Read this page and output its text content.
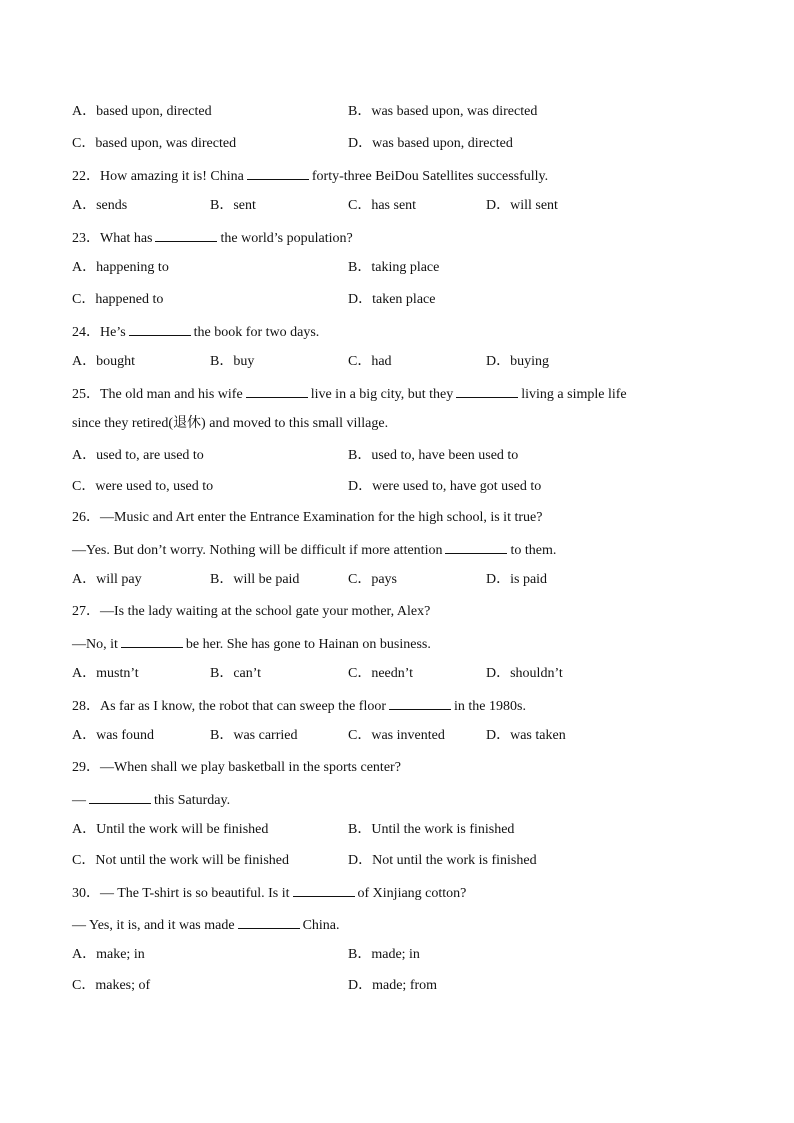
A．based upon, directed	B．was based upon, was directed
C．based upon, was directed	D．was based upon, directed
22．How amazing it is! China	forty-three BeiDou Satellites successfully.
A．sends	B．sent	C．has sent	D．will sent
23．What has	the world’s population?
A．happening to	B．taking place
C．happened to	D．taken place
24．He’s	the book for two days.
A．bought	B．buy	C．had	D．buying
25．The old man and his wife	live in a big city, but they	living a simple life
since they retired(退休) and moved to this small village.
A．used to, are used to	B．used to, have been used to
C．were used to, used to	D．were used to, have got used to
26．—Music and Art enter the Entrance Examination for the high school, is it true?
—Yes. But don’t worry. Nothing will be difficult if more attention	to them.
A．will pay	B．will be paid	C．pays	D．is paid
27．—Is the lady waiting at the school gate your mother, Alex?
—No, it	be her. She has gone to Hainan on business.
A．mustn’t	B．can’t	C．needn’t	D．shouldn’t
28．As far as I know, the robot that can sweep the floor	in the 1980s.
A．was found	B．was carried	C．was invented	D．was taken
29．—When shall we play basketball in the sports center?
—	this Saturday.
A．Until the work will be finished	B．Until the work is finished
C．Not until the work will be finished	D．Not until the work is finished
30．— The T-shirt is so beautiful. Is it	of Xinjiang cotton?
— Yes, it is, and it was made	China.
A．make; in	B．made; in
C．makes; of	D．made; from
